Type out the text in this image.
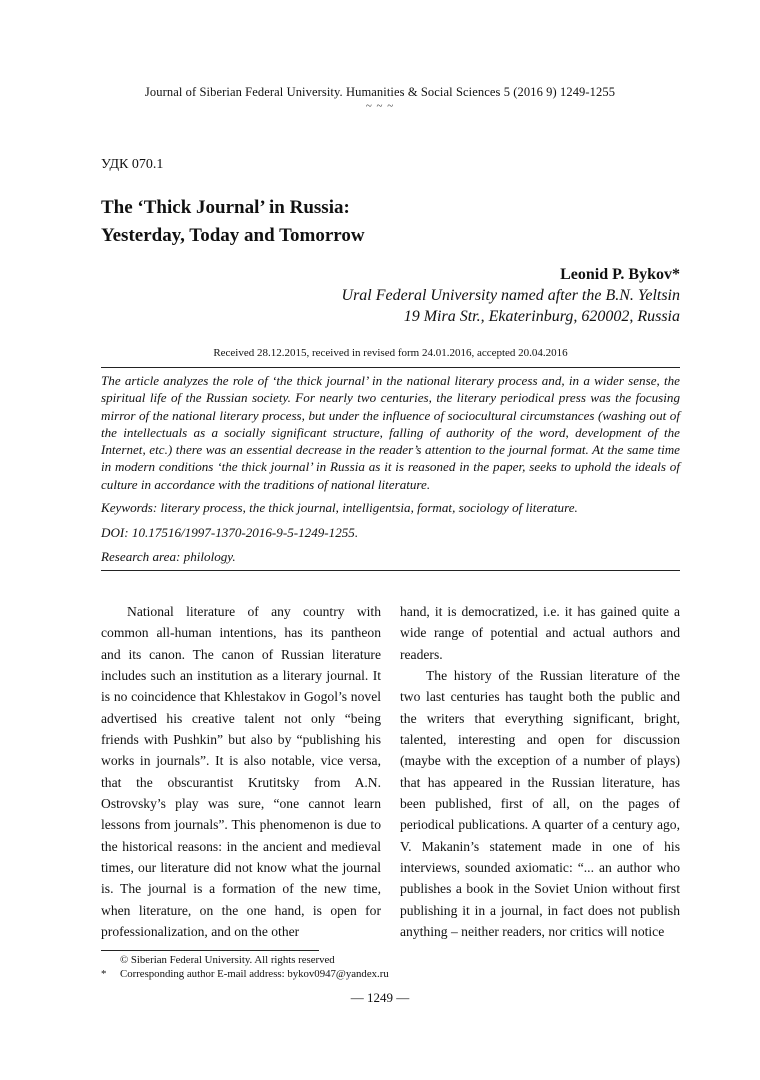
Journal of Siberian Federal University. Humanities & Social Sciences 5 (2016 9) 1249-1255
~ ~ ~
УДК 070.1
The ‘Thick Journal’ in Russia:
Yesterday, Today and Tomorrow
Leonid P. Bykov*
Ural Federal University named after the B.N. Yeltsin
19 Mira Str., Ekaterinburg, 620002, Russia
Received 28.12.2015, received in revised form 24.01.2016, accepted 20.04.2016
The article analyzes the role of ‘the thick journal’ in the national literary process and, in a wider sense, the spiritual life of the Russian society. For nearly two centuries, the literary periodical press was the focusing mirror of the national literary process, but under the influence of sociocultural circumstances (washing out of the intellectuals as a socially significant structure, falling of authority of the word, development of the Internet, etc.) there was an essential decrease in the reader’s attention to the journal format. At the same time in modern conditions ‘the thick journal’ in Russia as it is reasoned in the paper, seeks to uphold the ideals of culture in accordance with the traditions of national literature.
Keywords: literary process, the thick journal, intelligentsia, format, sociology of literature.
DOI: 10.17516/1997-1370-2016-9-5-1249-1255.
Research area: philology.

National literature of any country with common all-human intentions, has its pantheon and its canon. The canon of Russian literature includes such an institution as a literary journal. It is no coincidence that Khlestakov in Gogol’s novel advertised his creative talent not only “being friends with Pushkin” but also by “publishing his works in journals”. It is also notable, vice versa, that the obscurantist Krutitsky from A.N. Ostrovsky’s play was sure, “one cannot learn lessons from journals”. This phenomenon is due to the historical reasons: in the ancient and medieval times, our literature did not know what the journal is. The journal is a formation of the new time, when literature, on the one hand, is open for professionalization, and on the other

hand, it is democratized, i.e. it has gained quite a wide range of potential and actual authors and readers.

The history of the Russian literature of the two last centuries has taught both the public and the writers that everything significant, bright, talented, interesting and open for discussion (maybe with the exception of a number of plays) that has appeared in the Russian literature, has been published, first of all, on the pages of periodical publications. A quarter of a century ago, V. Makanin’s statement made in one of his interviews, sounded axiomatic: “... an author who publishes a book in the Soviet Union without first publishing it in a journal, in fact does not publish anything – neither readers, nor critics will notice

© Siberian Federal University. All rights reserved
* Corresponding author E-mail address: bykov0947@yandex.ru
— 1249 —
